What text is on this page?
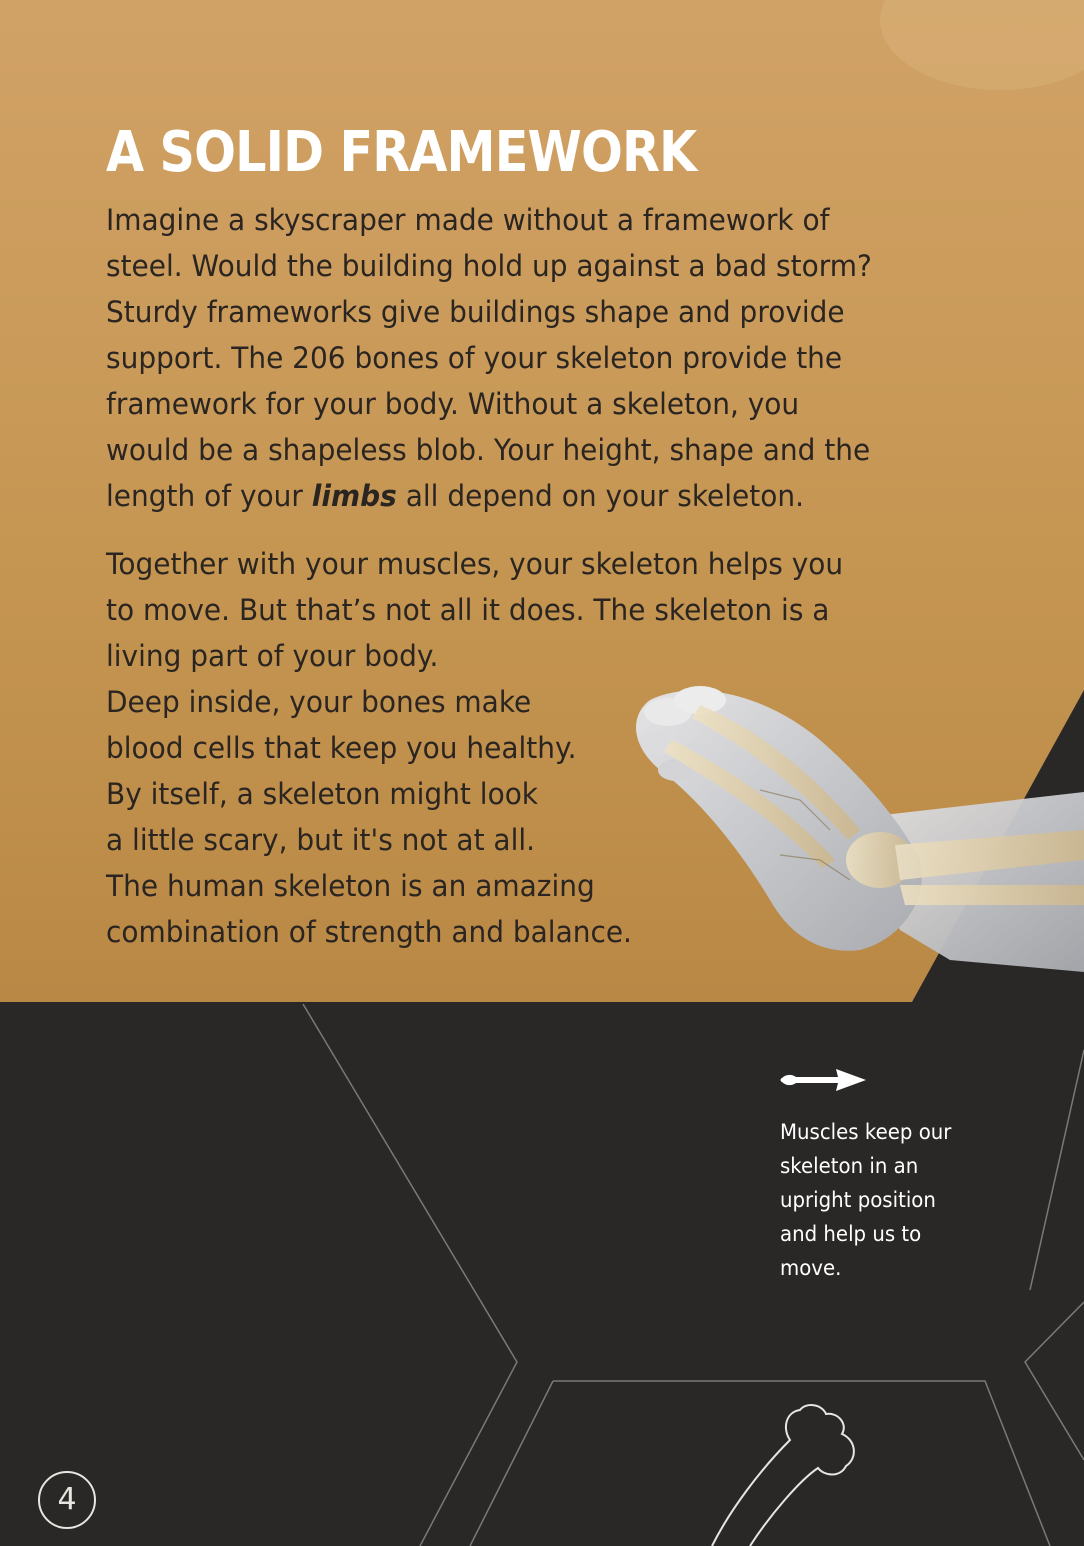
A SOLID FRAMEWORK

Imagine a skyscraper made without a framework of
steel. Would the building hold up against a bad storm?
Sturdy frameworks give buildings shape and provide
support. The 206 bones of your skeleton provide the
framework for your body. Without a skeleton, you
would be a shapeless blob. Your height, shape and the
length of your limbs all depend on your skeleton.

Together with your muscles, your skeleton helps you
to move. But that’s not all it does. The skeleton is a
living part of your body.
Deep inside, your bones make
blood cells that keep you healthy.
By itself, a skeleton might look
a little scary, but it's not at all.
The human skeleton is an amazing
combination of strength and balance.

Muscles keep our
skeleton in an
upright position
and help us to
move.

4
